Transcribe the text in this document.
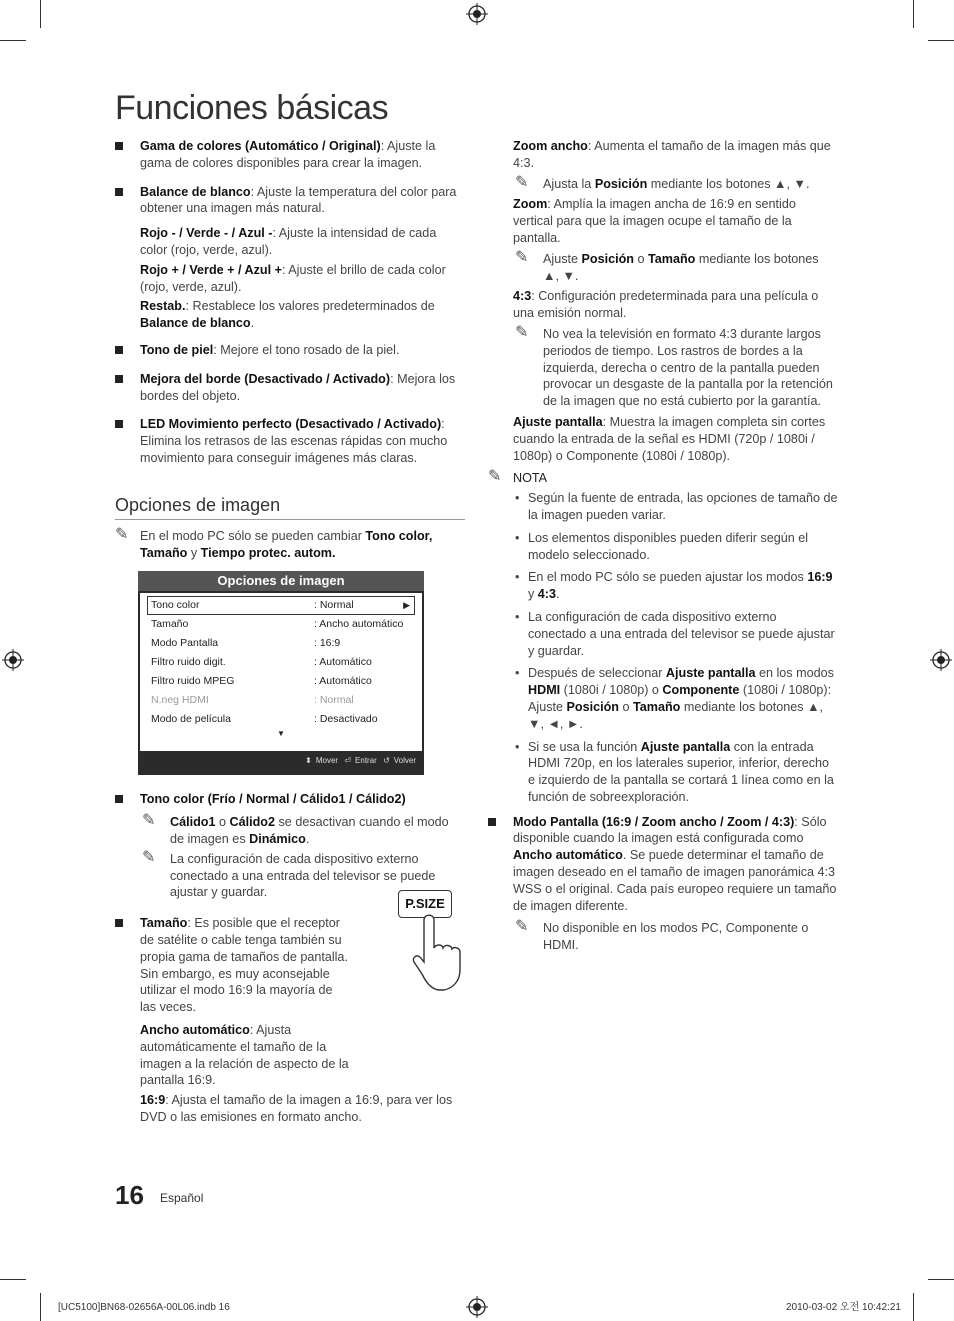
Funciones básicas
Gama de colores (Automático / Original): Ajuste la gama de colores disponibles para crear la imagen.
Balance de blanco: Ajuste la temperatura del color para obtener una imagen más natural.
Rojo - / Verde - / Azul -: Ajuste la intensidad de cada color (rojo, verde, azul).
Rojo + / Verde + / Azul +: Ajuste el brillo de cada color (rojo, verde, azul).
Restab.: Restablece los valores predeterminados de Balance de blanco.
Tono de piel: Mejore el tono rosado de la piel.
Mejora del borde (Desactivado / Activado): Mejora los bordes del objeto.
LED Movimiento perfecto (Desactivado / Activado): Elimina los retrasos de las escenas rápidas con mucho movimiento para conseguir imágenes más claras.
Opciones de imagen
✎ En el modo PC sólo se pueden cambiar Tono color, Tamaño y Tiempo protec. autom.
Opciones de imagen
Tono color	: Normal	▶
Tamaño	: Ancho automático
Modo Pantalla	: 16:9
Filtro ruido digit.	: Automático
Filtro ruido MPEG	: Automático
N.neg HDMI	: Normal
Modo de película	: Desactivado
▼
⬍ Mover ⏎ Entrar ↺ Volver
Tono color (Frío / Normal / Cálido1 / Cálido2)
✎ Cálido1 o Cálido2 se desactivan cuando el modo de imagen es Dinámico.
✎ La configuración de cada dispositivo externo conectado a una entrada del televisor se puede ajustar y guardar.
Tamaño: Es posible que el receptor de satélite o cable tenga también su propia gama de tamaños de pantalla. Sin embargo, es muy aconsejable utilizar el modo 16:9 la mayoría de las veces.
Ancho automático: Ajusta automáticamente el tamaño de la imagen a la relación de aspecto de la pantalla 16:9.
16:9: Ajusta el tamaño de la imagen a 16:9, para ver los DVD o las emisiones en formato ancho.
P.SIZE
Zoom ancho: Aumenta el tamaño de la imagen más que 4:3.
✎ Ajusta la Posición mediante los botones ▲, ▼.
Zoom: Amplía la imagen ancha de 16:9 en sentido vertical para que la imagen ocupe el tamaño de la pantalla.
✎ Ajuste Posición o Tamaño mediante los botones ▲, ▼.
4:3: Configuración predeterminada para una película o una emisión normal.
✎ No vea la televisión en formato 4:3 durante largos periodos de tiempo. Los rastros de bordes a la izquierda, derecha o centro de la pantalla pueden provocar un desgaste de la pantalla por la retención de la imagen que no está cubierto por la garantía.
Ajuste pantalla: Muestra la imagen completa sin cortes cuando la entrada de la señal es HDMI (720p / 1080i / 1080p) o Componente (1080i / 1080p).
✎ NOTA
• Según la fuente de entrada, las opciones de tamaño de la imagen pueden variar.
• Los elementos disponibles pueden diferir según el modelo seleccionado.
• En el modo PC sólo se pueden ajustar los modos 16:9 y 4:3.
• La configuración de cada dispositivo externo conectado a una entrada del televisor se puede ajustar y guardar.
• Después de seleccionar Ajuste pantalla en los modos HDMI (1080i / 1080p) o Componente (1080i / 1080p): Ajuste Posición o Tamaño mediante los botones ▲, ▼, ◄, ►.
• Si se usa la función Ajuste pantalla con la entrada HDMI 720p, en los laterales superior, inferior, derecho e izquierdo de la pantalla se cortará 1 línea como en la función de sobreexploración.
Modo Pantalla (16:9 / Zoom ancho / Zoom / 4:3): Sólo disponible cuando la imagen está configurada como Ancho automático. Se puede determinar el tamaño de imagen deseado en el tamaño de imagen panorámica 4:3 WSS o el original. Cada país europeo requiere un tamaño de imagen diferente.
✎ No disponible en los modos PC, Componente o HDMI.
16 Español
[UC5100]BN68-02656A-00L06.indb 16	2010-03-02 오전 10:42:21
